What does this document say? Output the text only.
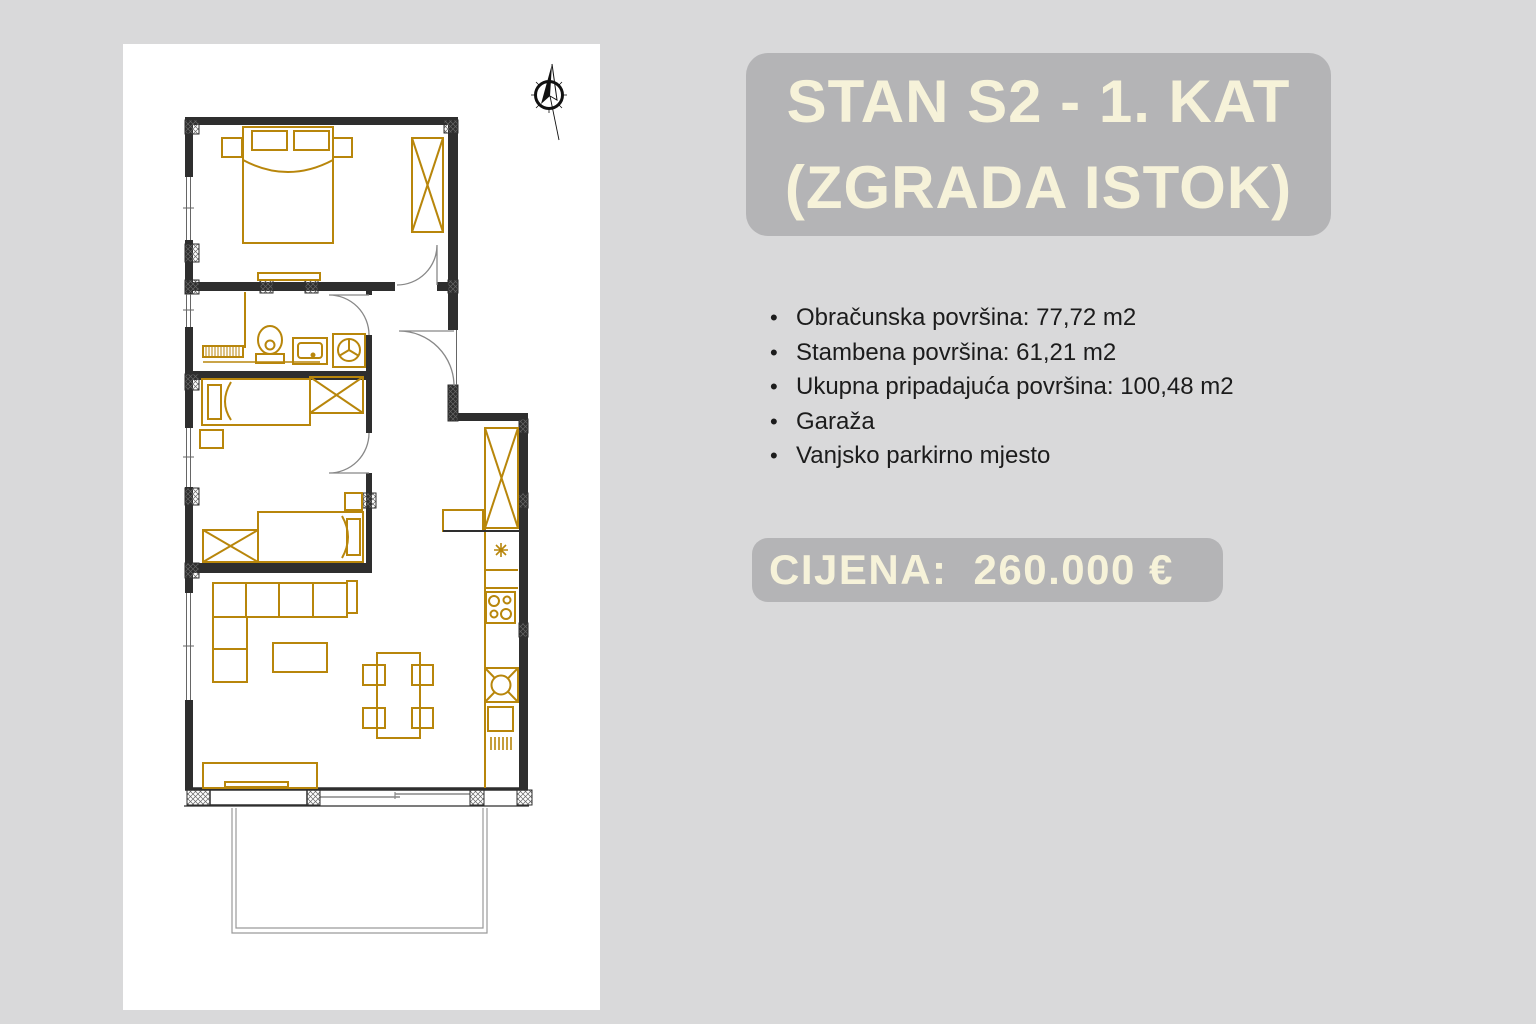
STAN S2 - 1. KAT
(ZGRADA ISTOK)
• Obračunska površina: 77,72 m2
• Stambena površina: 61,21 m2
• Ukupna pripadajuća površina: 100,48 m2
• Garaža
• Vanjsko parkirno mjesto
CIJENA: 260.000 €
